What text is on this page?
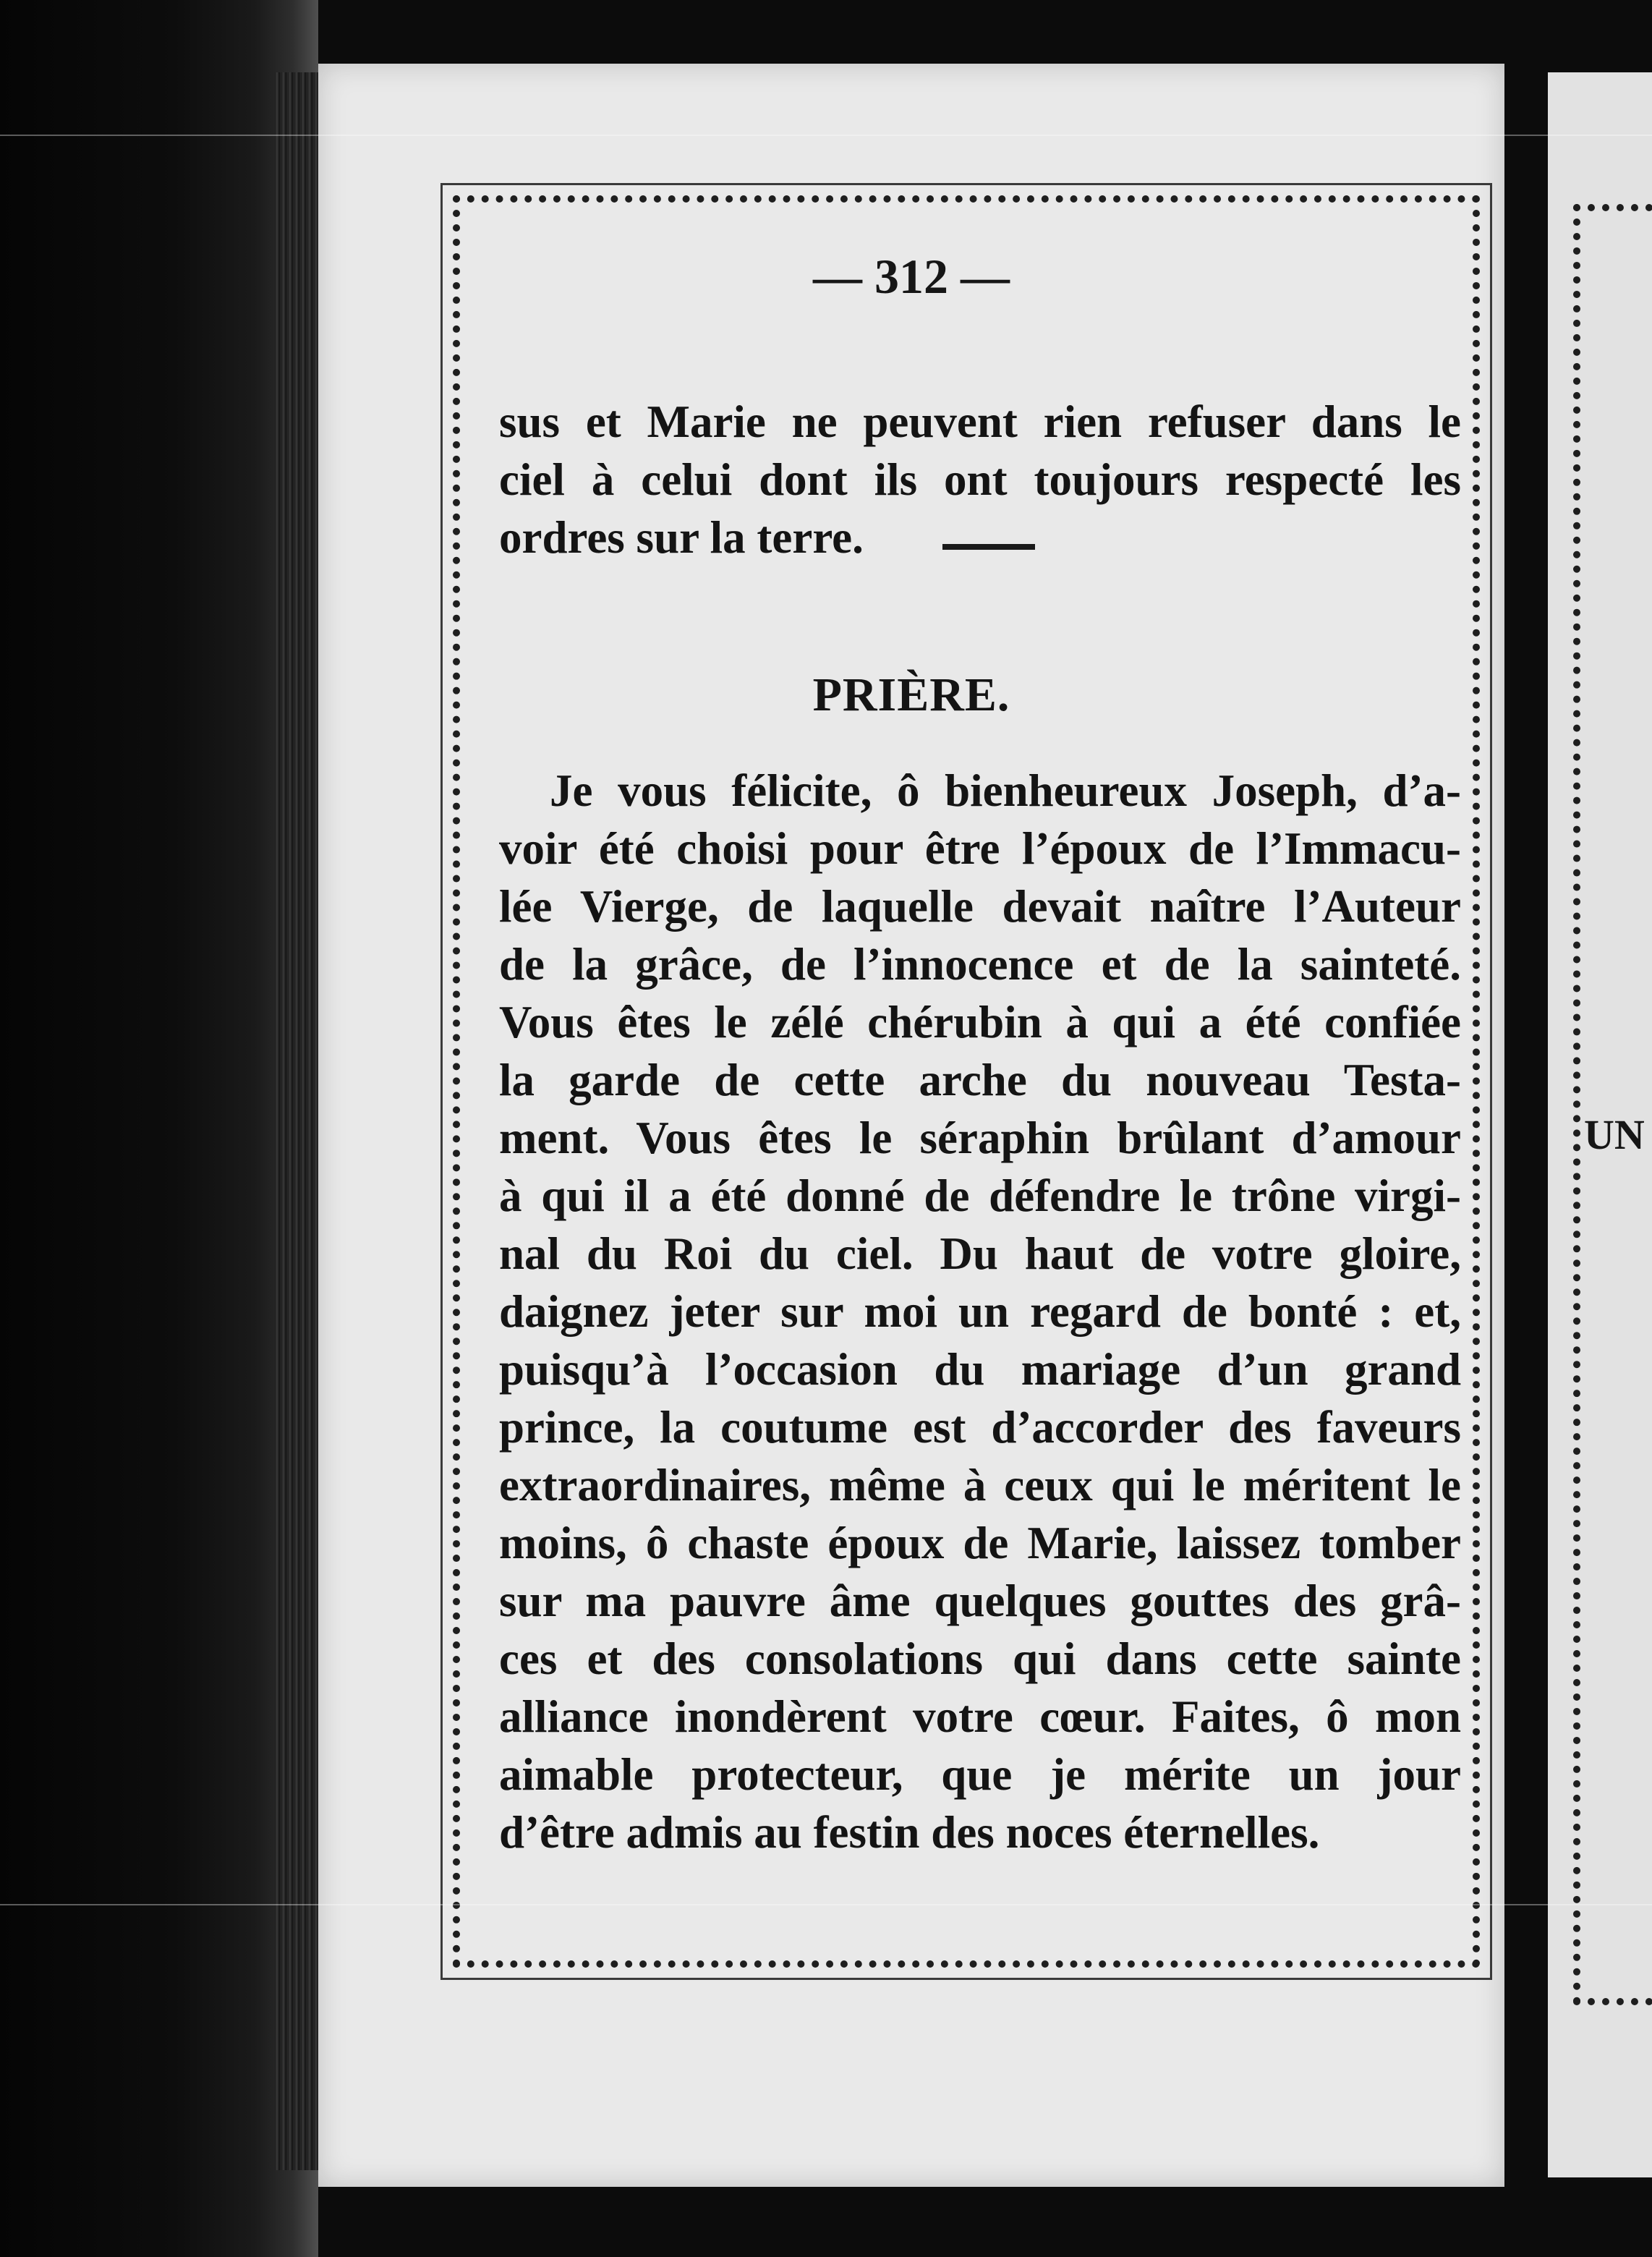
— 312 —
sus et Marie ne peuvent rien refuser dans le
ciel à celui dont ils ont toujours respecté les
ordres sur la terre.
PRIÈRE.
Je vous félicite, ô bienheureux Joseph, d’a-
voir été choisi pour être l’époux de l’Immacu-
lée Vierge, de laquelle devait naître l’Auteur
de la grâce, de l’innocence et de la sainteté.
Vous êtes le zélé chérubin à qui a été confiée
la garde de cette arche du nouveau Testa-
ment. Vous êtes le séraphin brûlant d’amour
à qui il a été donné de défendre le trône virgi-
nal du Roi du ciel. Du haut de votre gloire,
daignez jeter sur moi un regard de bonté : et,
puisqu’à l’occasion du mariage d’un grand
prince, la coutume est d’accorder des faveurs
extraordinaires, même à ceux qui le méritent le
moins, ô chaste époux de Marie, laissez tomber
sur ma pauvre âme quelques gouttes des grâ-
ces et des consolations qui dans cette sainte
alliance inondèrent votre cœur. Faites, ô mon
aimable protecteur, que je mérite un jour
d’être admis au festin des noces éternelles.
UN
